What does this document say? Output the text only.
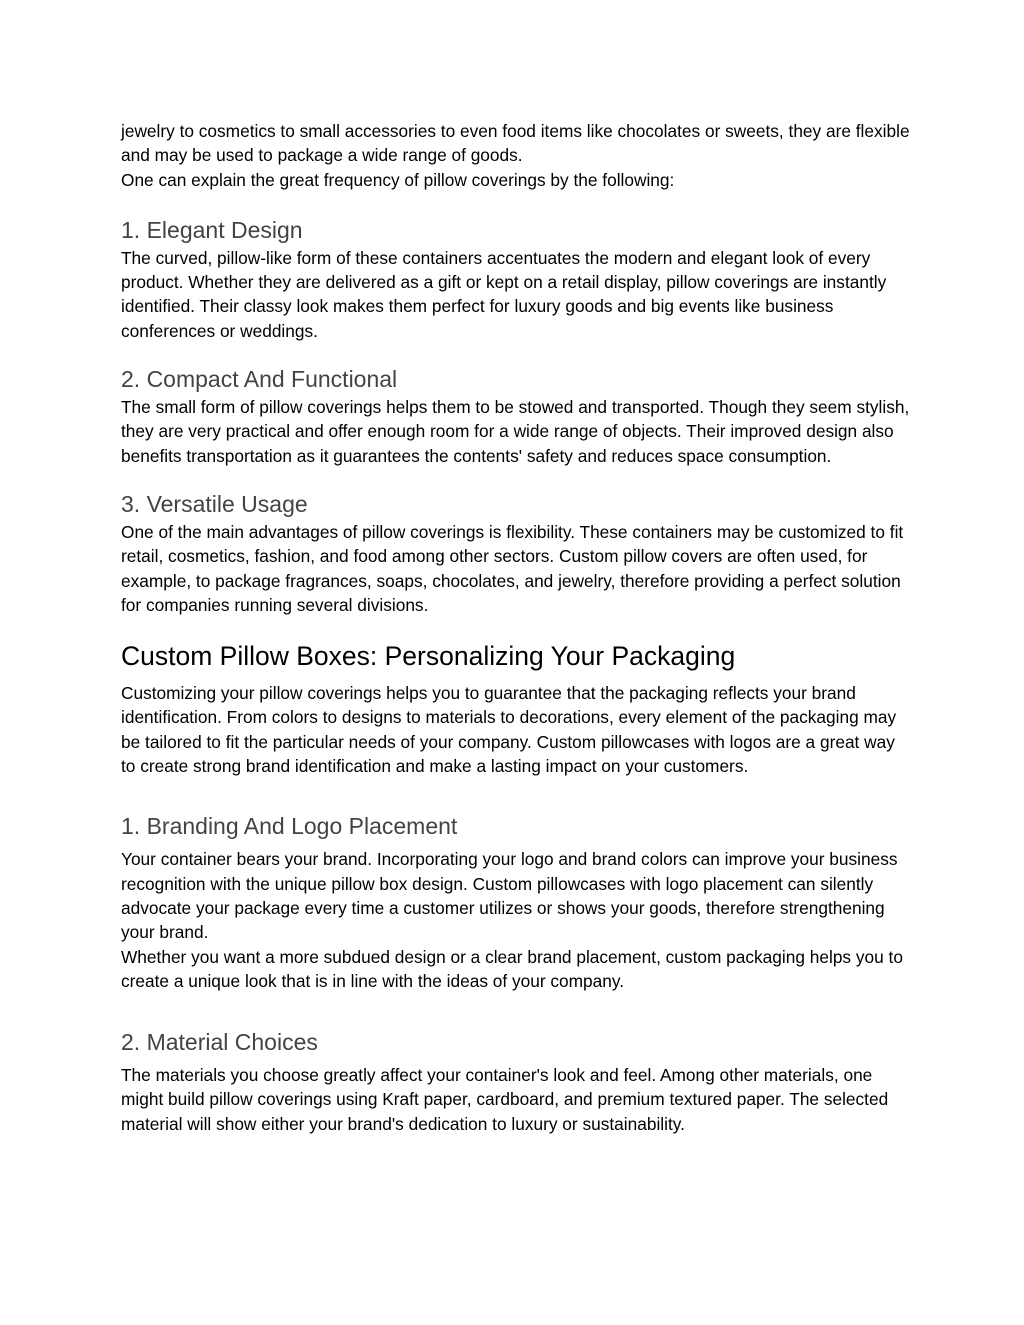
jewelry to cosmetics to small accessories to even food items like chocolates or sweets, they are flexible and may be used to package a wide range of goods.

One can explain the great frequency of pillow coverings by the following:

1. Elegant Design

The curved, pillow-like form of these containers accentuates the modern and elegant look of every product. Whether they are delivered as a gift or kept on a retail display, pillow coverings are instantly identified. Their classy look makes them perfect for luxury goods and big events like business conferences or weddings.

2. Compact And Functional

The small form of pillow coverings helps them to be stowed and transported. Though they seem stylish, they are very practical and offer enough room for a wide range of objects. Their improved design also benefits transportation as it guarantees the contents' safety and reduces space consumption.

3. Versatile Usage

One of the main advantages of pillow coverings is flexibility. These containers may be customized to fit retail, cosmetics, fashion, and food among other sectors. Custom pillow covers are often used, for example, to package fragrances, soaps, chocolates, and jewelry, therefore providing a perfect solution for companies running several divisions.

Custom Pillow Boxes: Personalizing Your Packaging

Customizing your pillow coverings helps you to guarantee that the packaging reflects your brand identification. From colors to designs to materials to decorations, every element of the packaging may be tailored to fit the particular needs of your company. Custom pillowcases with logos are a great way to create strong brand identification and make a lasting impact on your customers.

1. Branding And Logo Placement

Your container bears your brand. Incorporating your logo and brand colors can improve your business recognition with the unique pillow box design. Custom pillowcases with logo placement can silently advocate your package every time a customer utilizes or shows your goods, therefore strengthening your brand.

Whether you want a more subdued design or a clear brand placement, custom packaging helps you to create a unique look that is in line with the ideas of your company.

2. Material Choices

The materials you choose greatly affect your container's look and feel. Among other materials, one might build pillow coverings using Kraft paper, cardboard, and premium textured paper. The selected material will show either your brand's dedication to luxury or sustainability.
